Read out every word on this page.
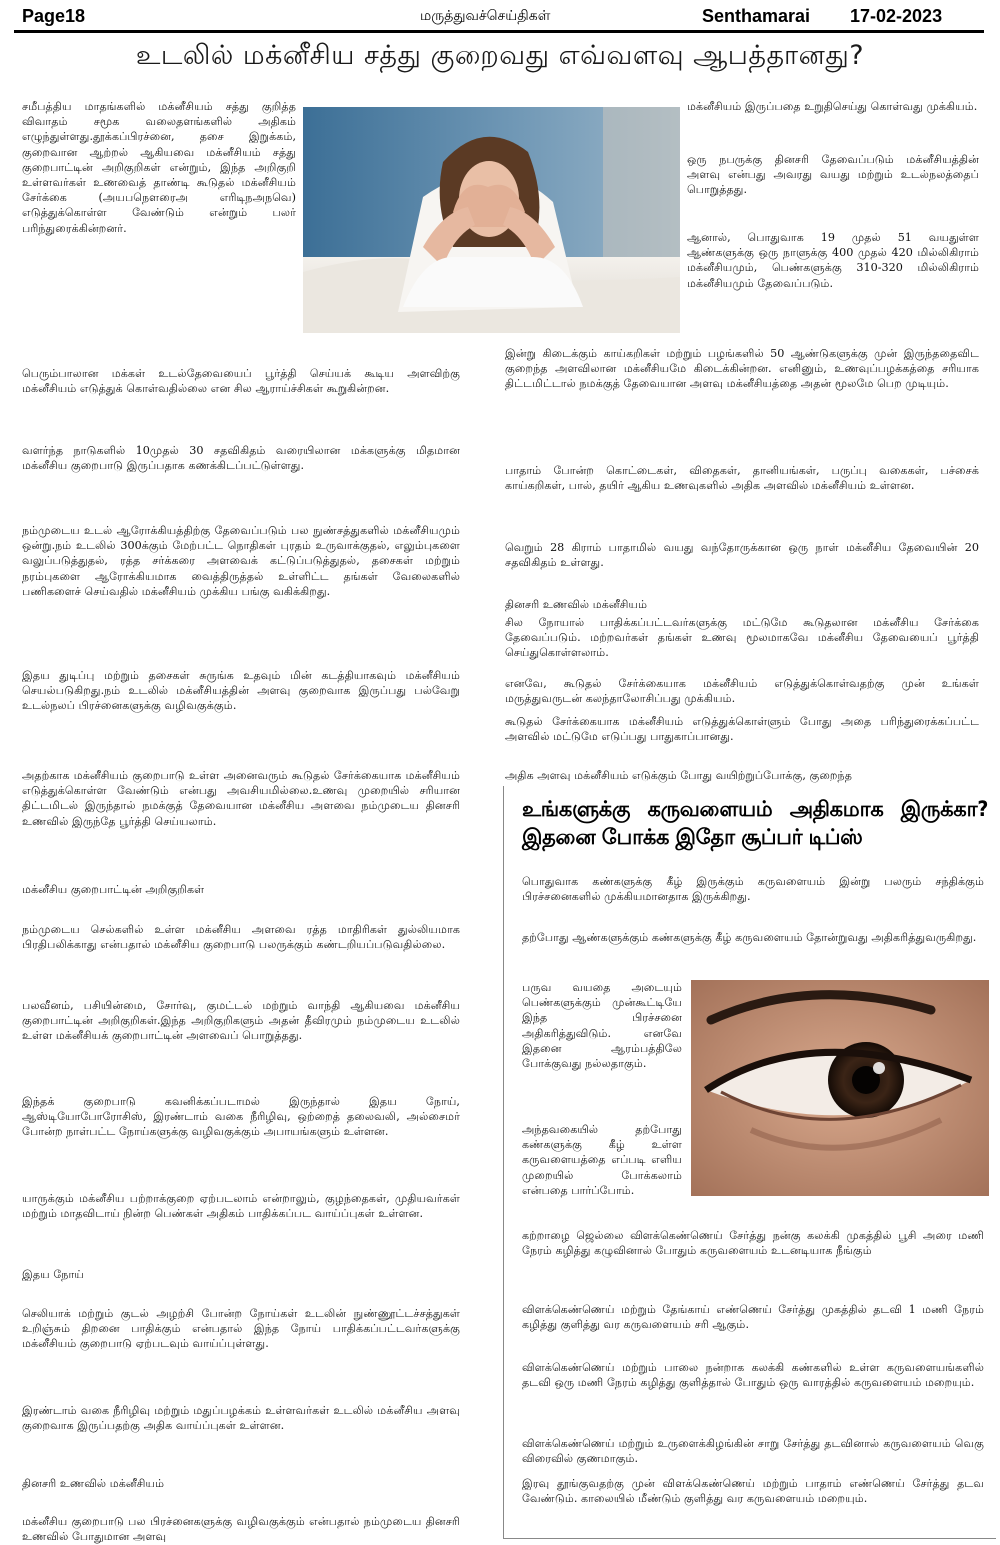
Page18	மருத்துவச்செய்திகள்	Senthamarai 17-02-2023
உடலில் மக்னீசிய சத்து குறைவது எவ்வளவு ஆபத்தானது?

சமீபத்திய மாதங்களில் மக்னீசியம் சத்து குறித்த விவாதம் சமூக வலைதளங்களில் அதிகம் எழுந்துள்ளது.தூக்கப்பிரச்னை, தசை இறுக்கம், குறைவான ஆற்றல் ஆகியவை மக்னீசியம் சத்து குறைபாட்டின் அறிகுறிகள் என்றும், இந்த அறிகுறி உள்ளவர்கள் உணவைத் தாண்டி கூடுதல் மக்னீசியம் சேர்க்கை (அயபநௌரைஅ எரிடிநஅநவெ) எடுத்துக்கொள்ள வேண்டும் என்றும் பலர் பரிந்துரைக்கின்றனர்.

பெரும்பாலான மக்கள் உடல்தேவையைப் பூர்த்தி செய்யக் கூடிய அளவிற்கு மக்னீசியம் எடுத்துக் கொள்வதில்லை என சில ஆராய்ச்சிகள் கூறுகின்றன.

வளர்ந்த நாடுகளில் 10முதல் 30 சதவிகிதம் வரையிலான மக்களுக்கு மிதமான மக்னீசிய குறைபாடு இருப்பதாக கணக்கிடப்பட்டுள்ளது.

நம்முடைய உடல் ஆரோக்கியத்திற்கு தேவைப்படும் பல நுண்சத்துகளில் மக்னீசியமும் ஒன்று.நம் உடலில் 300க்கும் மேற்பட்ட நொதிகள் புரதம் உருவாக்குதல், எலும்புகளை வலுப்படுத்துதல், ரத்த சர்க்கரை அளவைக் கட்டுப்படுத்துதல், தசைகள் மற்றும் நரம்புகளை ஆரோக்கியமாக வைத்திருத்தல் உள்ளிட்ட தங்கள் வேலைகளில் பணிகளைச் செய்வதில் மக்னீசியம் முக்கிய பங்கு வகிக்கிறது.

இதய துடிப்பு மற்றும் தசைகள் சுருங்க உதவும் மின் கடத்தியாகவும் மக்னீசியம் செயல்படுகிறது.நம் உடலில் மக்னீசியத்தின் அளவு குறைவாக இருப்பது பல்வேறு உடல்நலப் பிரச்னைகளுக்கு வழிவகுக்கும்.

அதற்காக மக்னீசியம் குறைபாடு உள்ள அனைவரும் கூடுதல் சேர்க்கையாக மக்னீசியம் எடுத்துக்கொள்ள வேண்டும் என்பது அவசியமில்லை.உணவு முறையில் சரியான திட்டமிடல் இருந்தால் நமக்குத் தேவையான மக்னீசிய அளவை நம்முடைய தினசரி உணவில் இருந்தே பூர்த்தி செய்யலாம்.

மக்னீசிய குறைபாட்டின் அறிகுறிகள்

நம்முடைய செல்களில் உள்ள மக்னீசிய அளவை ரத்த மாதிரிகள் துல்லியமாக பிரதிபலிக்காது என்பதால் மக்னீசிய குறைபாடு பலருக்கும் கண்டறியப்படுவதில்லை.

பலவீனம், பசியின்மை, சோர்வு, குமட்டல் மற்றும் வாந்தி ஆகியவை மக்னீசிய குறைபாட்டின் அறிகுறிகள்.இந்த அறிகுறிகளும் அதன் தீவிரமும் நம்முடைய உடலில் உள்ள மக்னீசியக் குறைபாட்டின் அளவைப் பொறுத்தது.

இந்தக் குறைபாடு கவனிக்கப்படாமல் இருந்தால் இதய நோய், ஆஸ்டியோபோரோசிஸ், இரண்டாம் வகை நீரிழிவு, ஒற்றைத் தலைவலி, அல்சைமர் போன்ற நாள்பட்ட நோய்களுக்கு வழிவகுக்கும் அபாயங்களும் உள்ளன.

யாருக்கும் மக்னீசிய பற்றாக்குறை ஏற்படலாம் என்றாலும், குழந்தைகள், முதியவர்கள் மற்றும் மாதவிடாய் நின்ற பெண்கள் அதிகம் பாதிக்கப்பட வாய்ப்புகள் உள்ளன.

இதய நோய்

செலியாக் மற்றும் குடல் அழற்சி போன்ற நோய்கள் உடலின் நுண்ணூட்டச்சத்துகள் உறிஞ்சும் திறனை பாதிக்கும் என்பதால் இந்த நோய் பாதிக்கப்பட்டவர்களுக்கு மக்னீசியம் குறைபாடு ஏற்படவும் வாய்ப்புள்ளது.

இரண்டாம் வகை நீரிழிவு மற்றும் மதுப்பழக்கம் உள்ளவர்கள் உடலில் மக்னீசிய அளவு குறைவாக இருப்பதற்கு அதிக வாய்ப்புகள் உள்ளன.

தினசரி உணவில் மக்னீசியம்

மக்னீசிய குறைபாடு பல பிரச்னைகளுக்கு வழிவகுக்கும் என்பதால் நம்முடைய தினசரி உணவில் போதுமான அளவு

மக்னீசியம் இருப்பதை உறுதிசெய்து கொள்வது முக்கியம்.

ஒரு நபருக்கு தினசரி தேவைப்படும் மக்னீசியத்தின் அளவு என்பது அவரது வயது மற்றும் உடல்நலத்தைப் பொறுத்தது.

ஆனால், பொதுவாக 19 முதல் 51 வயதுள்ள ஆண்களுக்கு ஒரு நாளுக்கு 400 முதல் 420 மில்லிகிராம் மக்னீசியமும், பெண்களுக்கு 310-320 மில்லிகிராம் மக்னீசியமும் தேவைப்படும்.

இன்று கிடைக்கும் காய்கறிகள் மற்றும் பழங்களில் 50 ஆண்டுகளுக்கு முன் இருந்ததைவிட குறைந்த அளவிலான மக்னீசியமே கிடைக்கின்றன. எனினும், உணவுப்பழக்கத்தை சரியாக திட்டமிட்டால் நமக்குத் தேவையான அளவு மக்னீசியத்தை அதன் மூலமே பெற முடியும்.

பாதாம் போன்ற கொட்டைகள், விதைகள், தானியங்கள், பருப்பு வகைகள், பச்சைக் காய்கறிகள், பால், தயிர் ஆகிய உணவுகளில் அதிக அளவில் மக்னீசியம் உள்ளன.

வெறும் 28 கிராம் பாதாமில் வயது வந்தோருக்கான ஒரு நாள் மக்னீசிய தேவையின் 20 சதவிகிதம் உள்ளது.

தினசரி உணவில் மக்னீசியம்

சில நோயால் பாதிக்கப்பட்டவர்களுக்கு மட்டுமே கூடுதலான மக்னீசிய சேர்க்கை தேவைப்படும். மற்றவர்கள் தங்கள் உணவு மூலமாகவே மக்னீசிய தேவையைப் பூர்த்தி செய்துகொள்ளலாம்.

எனவே, கூடுதல் சேர்க்கையாக மக்னீசியம் எடுத்துக்கொள்வதற்கு முன் உங்கள் மருத்துவருடன் கலந்தாலோசிப்பது முக்கியம்.

கூடுதல் சேர்க்கையாக மக்னீசியம் எடுத்துக்கொள்ளும் போது அதை பரிந்துரைக்கப்பட்ட அளவில் மட்டுமே எடுப்பது பாதுகாப்பானது.

அதிக அளவு மக்னீசியம் எடுக்கும் போது வயிற்றுப்போக்கு, குறைந்த

உங்களுக்கு கருவளையம் அதிகமாக இருக்கா? இதனை போக்க இதோ சூப்பர் டிப்ஸ்

பொதுவாக கண்களுக்கு கீழ் இருக்கும் கருவளையம் இன்று பலரும் சந்திக்கும் பிரச்சனைகளில் முக்கியமானதாக இருக்கிறது.

தற்போது ஆண்களுக்கும் கண்களுக்கு கீழ் கருவளையம் தோன்றுவது அதிகரித்துவருகிறது.

பருவ வயதை அடையும் பெண்களுக்கும் முன்கூட்டியே இந்த பிரச்சனை அதிகரித்துவிடும். எனவே இதனை ஆரம்பத்திலே போக்குவது நல்லதாகும்.

அந்தவகையில் தற்போது கண்களுக்கு கீழ் உள்ள கருவளையத்தை எப்படி எளிய முறையில் போக்கலாம் என்பதை பார்ப்போம்.

கற்றாழை ஜெல்லை விளக்கெண்ணெய் சேர்த்து நன்கு கலக்கி முகத்தில் பூசி அரை மணி நேரம் கழித்து கழுவினால் போதும் கருவளையம் உடனடியாக நீங்கும்

விளக்கெண்ணெய் மற்றும் தேங்காய் எண்ணெய் சேர்த்து முகத்தில் தடவி 1 மணி நேரம் கழித்து குளித்து வர கருவளையம் சரி ஆகும்.

விளக்கெண்ணெய் மற்றும் பாலை நன்றாக கலக்கி கண்களில் உள்ள கருவளையங்களில் தடவி ஒரு மணி நேரம் கழித்து குளித்தால் போதும் ஒரு வாரத்தில் கருவளையம் மறையும்.

விளக்கெண்ணெய் மற்றும் உருளைக்கிழங்கின் சாறு சேர்த்து தடவினால் கருவளையம் வெகு விரைவில் குணமாகும்.

இரவு தூங்குவதற்கு முன் விளக்கெண்ணெய் மற்றும் பாதாம் எண்ணெய் சேர்த்து தடவ வேண்டும். காலையில் மீண்டும் குளித்து வர கருவளையம் மறையும்.
